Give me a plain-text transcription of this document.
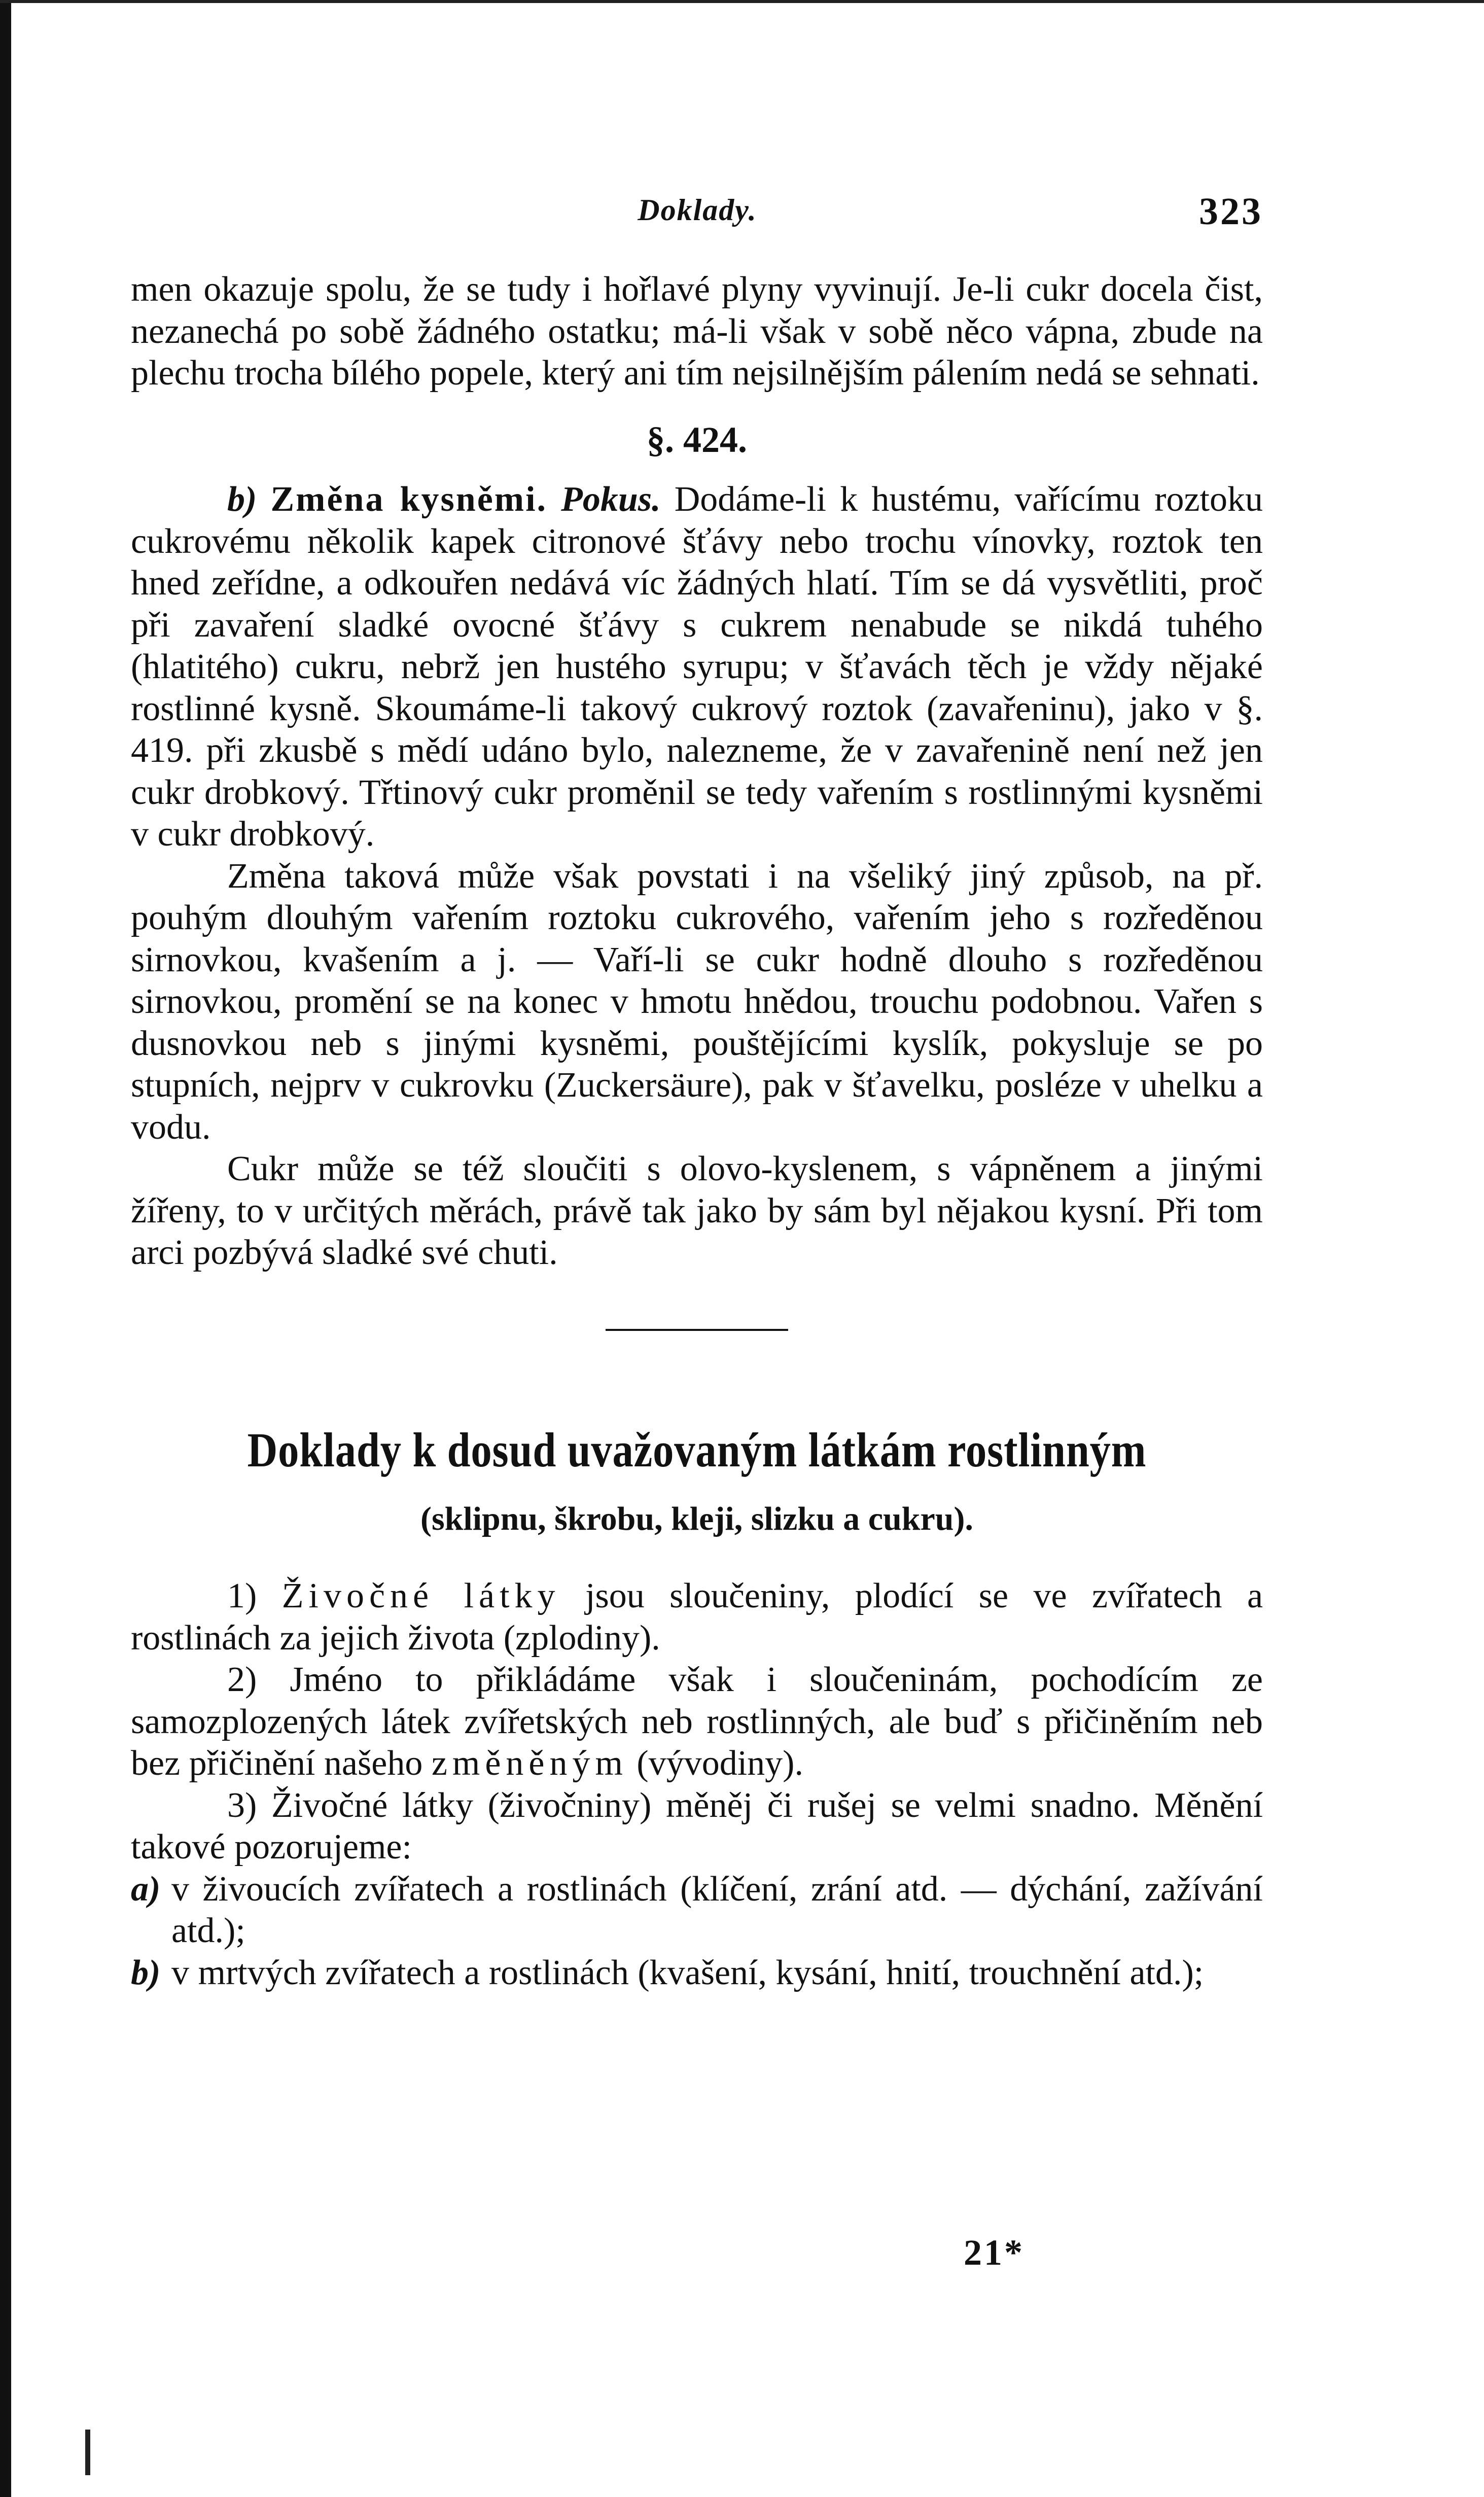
Doklady.	323

men okazuje spolu, že se tudy i hořlavé plyny vyvinují. Je-li cukr docela čist, nezanechá po sobě žádného ostatku; má-li však v sobě něco vápna, zbude na plechu trocha bílého popele, který ani tím nejsilnějším pálením nedá se sehnati.

§. 424.

b) Změna kysněmi. Pokus. Dodáme-li k hustému, vařícímu roztoku cukrovému několik kapek citronové šťávy nebo trochu vínovky, roztok ten hned zeřídne, a odkouřen nedává víc žádných hlatí. Tím se dá vysvětliti, proč při zavaření sladké ovocné šťávy s cukrem nenabude se nikdá tuhého (hlatitého) cukru, nebrž jen hustého syrupu; v šťavách těch je vždy nějaké rostlinné kysně. Skoumáme-li takový cukrový roztok (zavařeninu), jako v §. 419. při zkusbě s mědí udáno bylo, nalezneme, že v zavařenině není než jen cukr drobkový. Třtinový cukr proměnil se tedy vařením s rostlinnými kysněmi v cukr drobkový.

Změna taková může však povstati i na všeliký jiný způsob, na př. pouhým dlouhým vařením roztoku cukrového, vařením jeho s rozředěnou sirnovkou, kvašením a j. — Vaří-li se cukr hodně dlouho s rozředěnou sirnovkou, promění se na konec v hmotu hnědou, trouchu podobnou. Vařen s dusnovkou neb s jinými kysněmi, pouštějícími kyslík, pokysluje se po stupních, nejprv v cukrovku (Zuckersäure), pak v šťavelku, posléze v uhelku a vodu.

Cukr může se též sloučiti s olovo-kyslenem, s vápněnem a jinými žířeny, to v určitých měrách, právě tak jako by sám byl nějakou kysní. Při tom arci pozbývá sladké své chuti.

Doklady k dosud uvažovaným látkám rostlinným
(sklipnu, škrobu, kleji, slizku a cukru).

1) Živočné látky jsou sloučeniny, plodící se ve zvířatech a rostlinách za jejich života (zplodiny).

2) Jméno to přikládáme však i sloučeninám, pochodícím ze samozplozených látek zvířetských neb rostlinných, ale buď s přičiněním neb bez přičinění našeho změněným (vývodiny).

3) Živočné látky (živočniny) měněj či rušej se velmi snadno. Měnění takové pozorujeme:

a) v živoucích zvířatech a rostlinách (klíčení, zrání atd. — dýchání, zažívání atd.);
b) v mrtvých zvířatech a rostlinách (kvašení, kysání, hnití, trouchnění atd.);
21*
